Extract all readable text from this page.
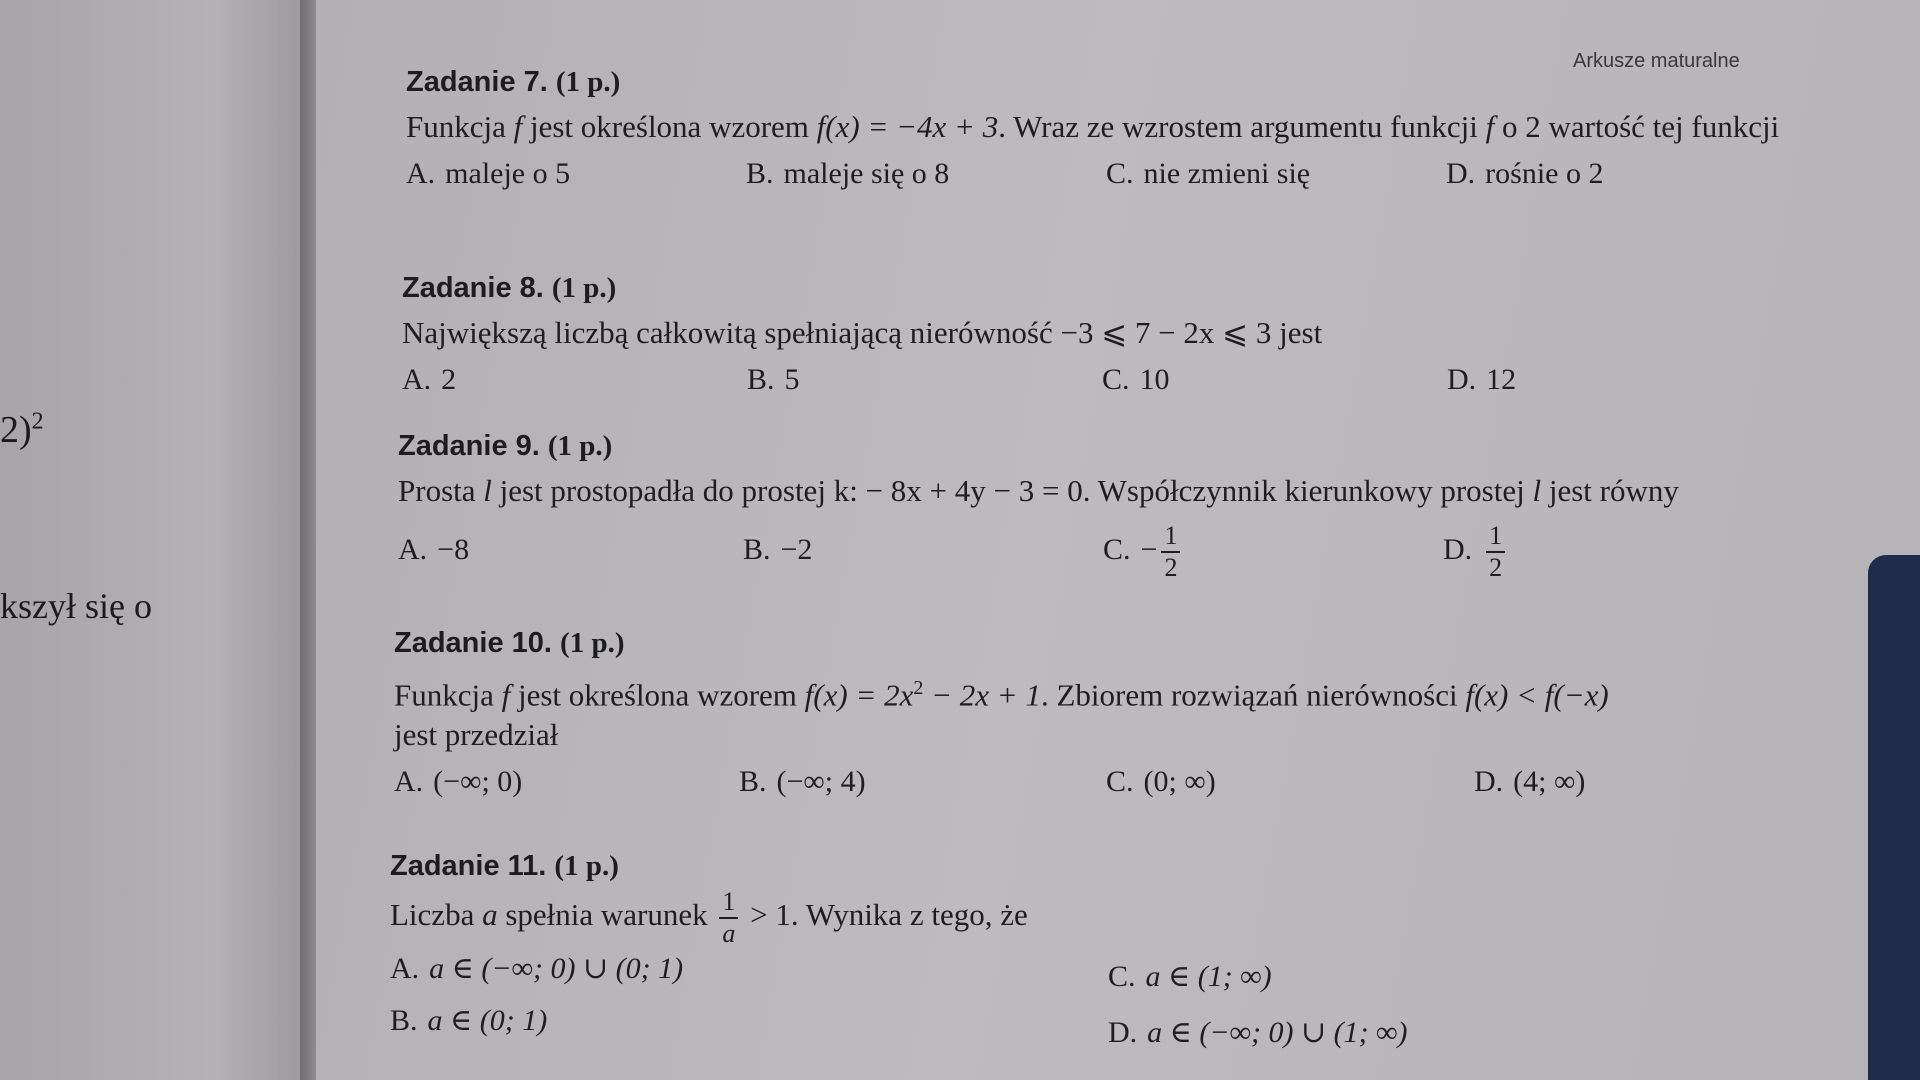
2)$^2$
kszył się o
Arkusze maturalne
Zadanie 7. (1 p.)
Funkcja f jest określona wzorem f(x) = −4x + 3. Wraz ze wzrostem argumentu funkcji f o 2 wartość tej funkcji
A. maleje o 5	B. maleje się o 8	C. nie zmieni się	D. rośnie o 2
Zadanie 8. (1 p.)
Największą liczbą całkowitą spełniającą nierówność −3 ⩽ 7 − 2x ⩽ 3 jest
A. 2	B. 5	C. 10	D. 12
Zadanie 9. (1 p.)
Prosta l jest prostopadła do prostej k: − 8x + 4y − 3 = 0. Współczynnik kierunkowy prostej l jest równy
A. −8	B. −2	C. − $\frac{1}{2}$	D. $\frac{1}{2}$
Zadanie 10. (1 p.)
Funkcja f jest określona wzorem $f(x) = 2x^2 - 2x + 1$. Zbiorem rozwiązań nierówności f(x) < f(−x)
jest przedział
A. (−∞; 0)	B. (−∞; 4)	C. (0; ∞)	D. (4; ∞)
Zadanie 11. (1 p.)
Liczba a spełnia warunek $\frac{1}{a} > 1$. Wynika z tego, że
A. a ∈ (−∞; 0) ∪ (0; 1)
B. a ∈ (0; 1)
C. a ∈ (1; ∞)
D. a ∈ (−∞; 0) ∪ (1; ∞)
